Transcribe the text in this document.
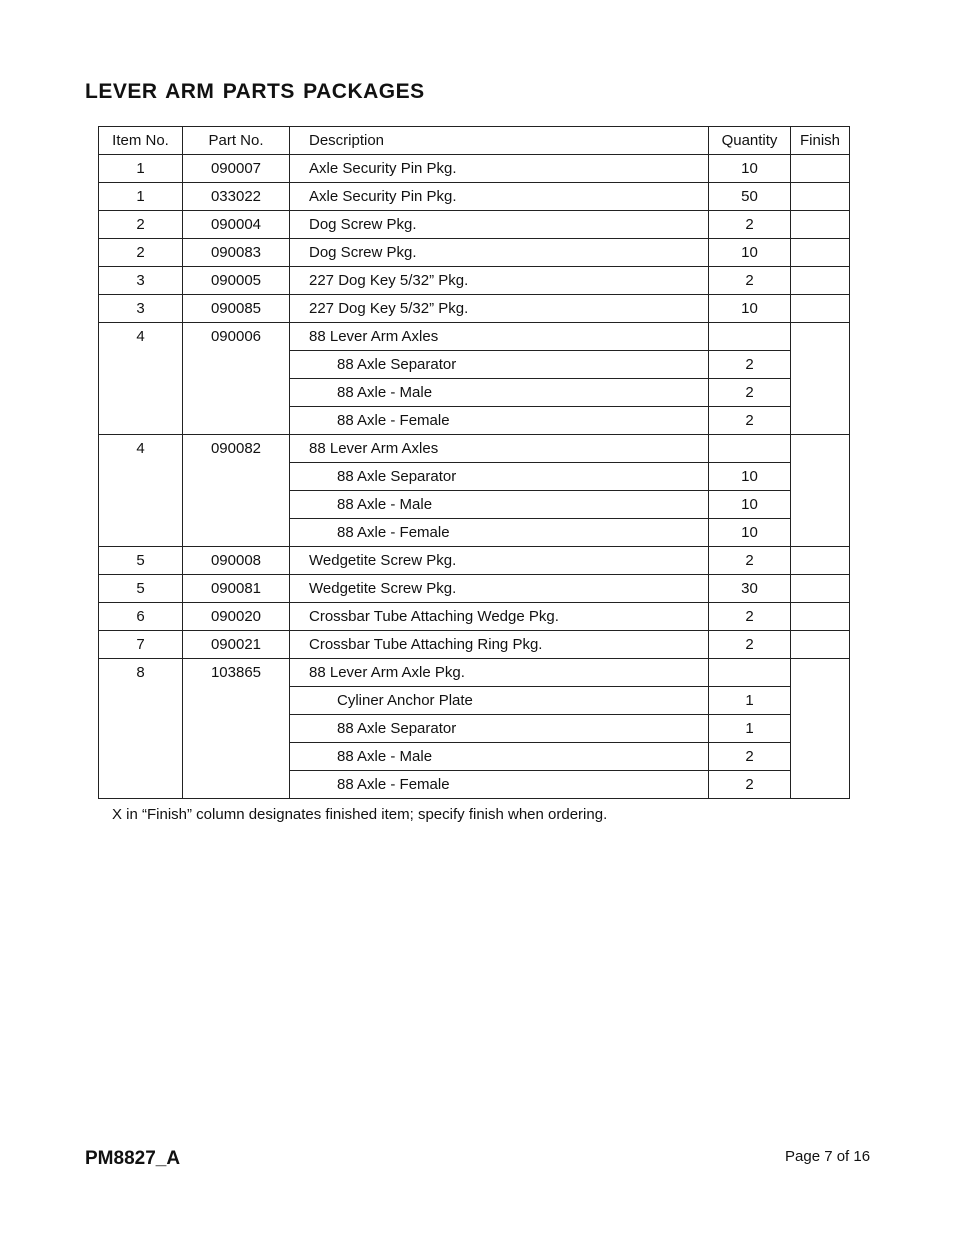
LEVER ARM PARTS PACKAGES
Item No.	Part No.	Description	Quantity	Finish
1	090007	Axle Security Pin Pkg.	10	
1	033022	Axle Security Pin Pkg.	50	
2	090004	Dog Screw Pkg.	2	
2	090083	Dog Screw Pkg.	10	
3	090005	227 Dog Key 5/32” Pkg.	2	
3	090085	227 Dog Key 5/32” Pkg.	10	
4	090006	88 Lever Arm Axles		
		88 Axle Separator	2	
		88 Axle - Male	2	
		88 Axle - Female	2	
4	090082	88 Lever Arm Axles		
		88 Axle Separator	10	
		88 Axle - Male	10	
		88 Axle - Female	10	
5	090008	Wedgetite Screw Pkg.	2	
5	090081	Wedgetite Screw Pkg.	30	
6	090020	Crossbar Tube Attaching Wedge Pkg.	2	
7	090021	Crossbar Tube Attaching Ring Pkg.	2	
8	103865	88 Lever Arm Axle Pkg.		
		Cyliner Anchor Plate	1	
		88 Axle Separator	1	
		88 Axle - Male	2	
		88 Axle - Female	2	
X in “Finish” column designates finished item; specify finish when ordering.
PM8827_A	Page 7 of 16
